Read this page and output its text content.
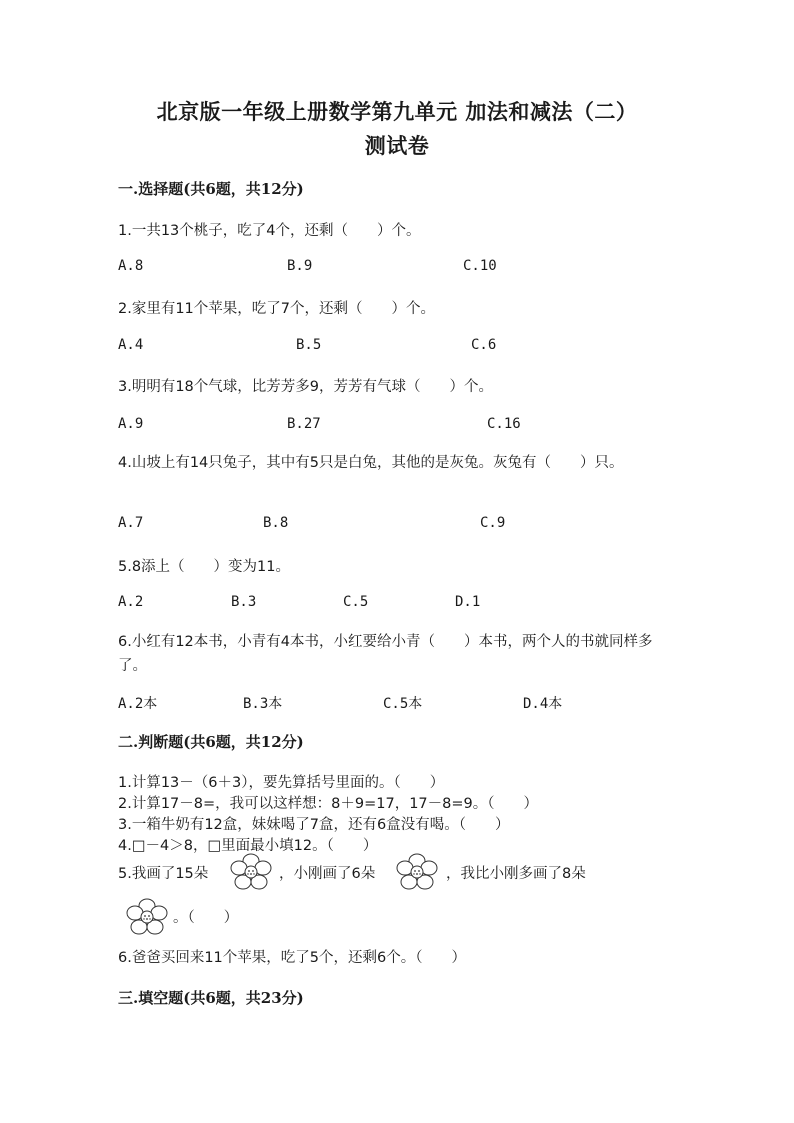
北京版一年级上册数学第九单元 加法和减法（二）
测试卷
一.选择题(共6题，共12分)
1.一共13个桃子，吃了4个，还剩（　　）个。
A.8	B.9	C.10
2.家里有11个苹果，吃了7个，还剩（　　）个。
A.4	B.5	C.6
3.明明有18个气球，比芳芳多9，芳芳有气球（　　）个。
A.9	B.27	C.16
4.山坡上有14只兔子，其中有5只是白兔，其他的是灰兔。灰兔有（　　）只。
A.7	B.8	C.9
5.8添上（　　）变为11。
A.2	B.3	C.5	D.1
6.小红有12本书，小青有4本书，小红要给小青（　　）本书，两个人的书就同样多了。
A.2本	B.3本	C.5本	D.4本
二.判断题(共6题，共12分)
1.计算13－（6＋3），要先算括号里面的。（　　）
2.计算17－8=，我可以这样想：8＋9=17，17－8=9。（　　）
3.一箱牛奶有12盒，妹妹喝了7盒，还有6盒没有喝。（　　）
4.□－4＞8，□里面最小填12。（　　）
5.我画了15朵	，小刚画了6朵	，我比小刚多画了8朵
。（　　）
6.爸爸买回来11个苹果，吃了5个，还剩6个。（　　）
三.填空题(共6题，共23分)
